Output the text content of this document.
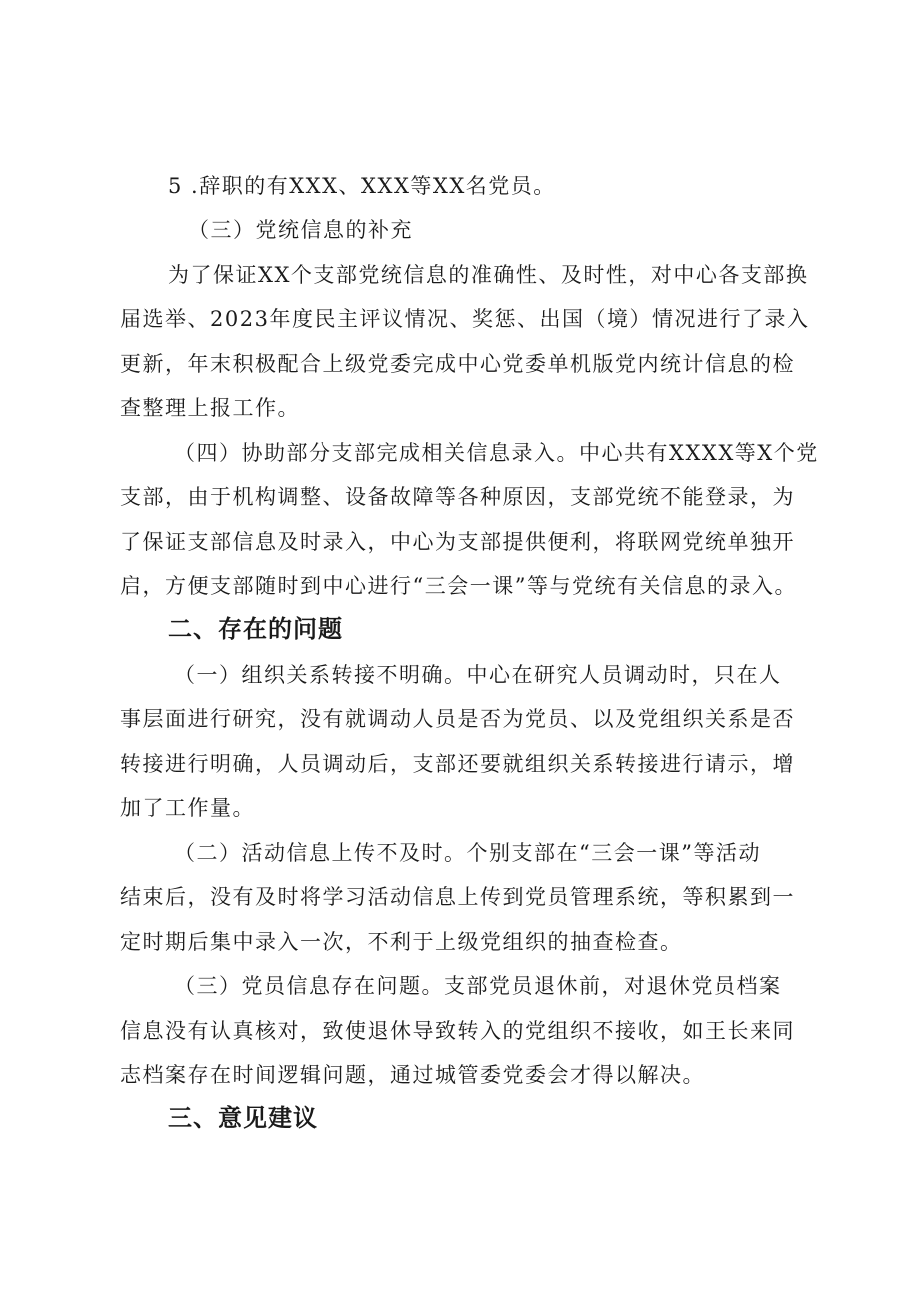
5 .辞职的有XXX、XXX等XX名党员。
（三）党统信息的补充
为了保证XX个支部党统信息的准确性、及时性，对中心各支部换
届选举、2023年度民主评议情况、奖惩、出国（境）情况进行了录入
更新，年末积极配合上级党委完成中心党委单机版党内统计信息的检
查整理上报工作。
（四）协助部分支部完成相关信息录入。中心共有XXXX等X个党
支部，由于机构调整、设备故障等各种原因，支部党统不能登录，为
了保证支部信息及时录入，中心为支部提供便利，将联网党统单独开
启，方便支部随时到中心进行“三会一课”等与党统有关信息的录入。
二、存在的问题
（一）组织关系转接不明确。中心在研究人员调动时，只在人
事层面进行研究，没有就调动人员是否为党员、以及党组织关系是否
转接进行明确，人员调动后，支部还要就组织关系转接进行请示，增
加了工作量。
（二）活动信息上传不及时。个别支部在“三会一课”等活动
结束后，没有及时将学习活动信息上传到党员管理系统，等积累到一
定时期后集中录入一次，不利于上级党组织的抽查检查。
（三）党员信息存在问题。支部党员退休前，对退休党员档案
信息没有认真核对，致使退休导致转入的党组织不接收，如王长来同
志档案存在时间逻辑问题，通过城管委党委会才得以解决。
三、意见建议
